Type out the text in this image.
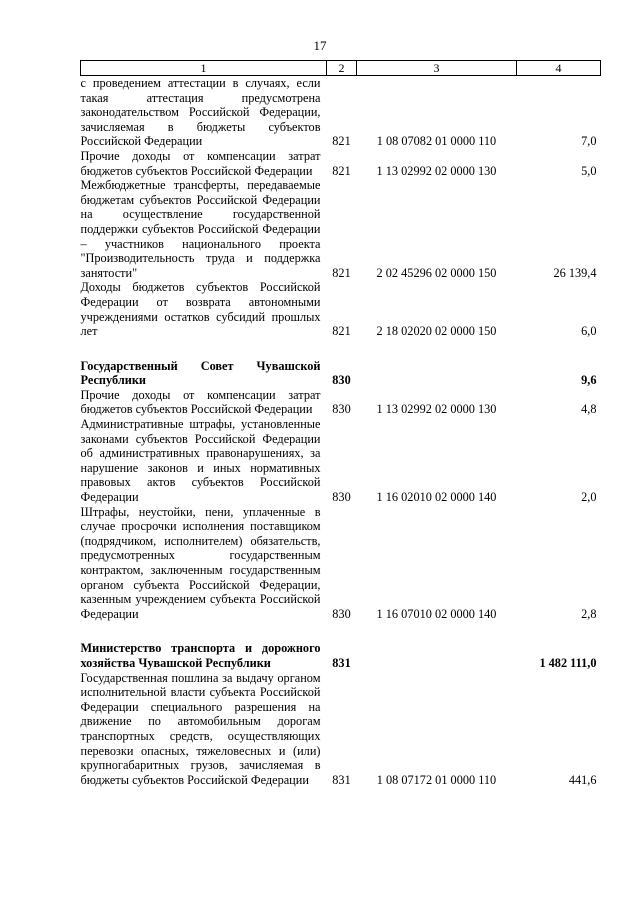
17
1	2	3	4
с проведением аттестации в случаях, если такая аттестация предусмотрена законодательством Российской Федерации, зачисляемая в бюджеты субъектов Российской Федерации	821	1 08 07082 01 0000 110	7,0
Прочие доходы от компенсации затрат бюджетов субъектов Российской Федерации	821	1 13 02992 02 0000 130	5,0
Межбюджетные трансферты, передаваемые бюджетам субъектов Российской Федерации на осуществление государственной поддержки субъектов Российской Федерации – участников национального проекта "Производительность труда и поддержка занятости"	821	2 02 45296 02 0000 150	26 139,4
Доходы бюджетов субъектов Российской Федерации от возврата автономными учреждениями остатков субсидий прошлых лет	821	2 18 02020 02 0000 150	6,0
Государственный Совет Чувашской Республики	830		9,6
Прочие доходы от компенсации затрат бюджетов субъектов Российской Федерации	830	1 13 02992 02 0000 130	4,8
Административные штрафы, установленные законами субъектов Российской Федерации об административных правонарушениях, за нарушение законов и иных нормативных правовых актов субъектов Российской Федерации	830	1 16 02010 02 0000 140	2,0
Штрафы, неустойки, пени, уплаченные в случае просрочки исполнения поставщиком (подрядчиком, исполнителем) обязательств, предусмотренных государственным контрактом, заключенным государственным органом субъекта Российской Федерации, казенным учреждением субъекта Российской Федерации	830	1 16 07010 02 0000 140	2,8
Министерство транспорта и дорожного хозяйства Чувашской Республики	831		1 482 111,0
Государственная пошлина за выдачу органом исполнительной власти субъекта Российской Федерации специального разрешения на движение по автомобильным дорогам транспортных средств, осуществляющих перевозки опасных, тяжеловесных и (или) крупногабаритных грузов, зачисляемая в бюджеты субъектов Российской Федерации	831	1 08 07172 01 0000 110	441,6
